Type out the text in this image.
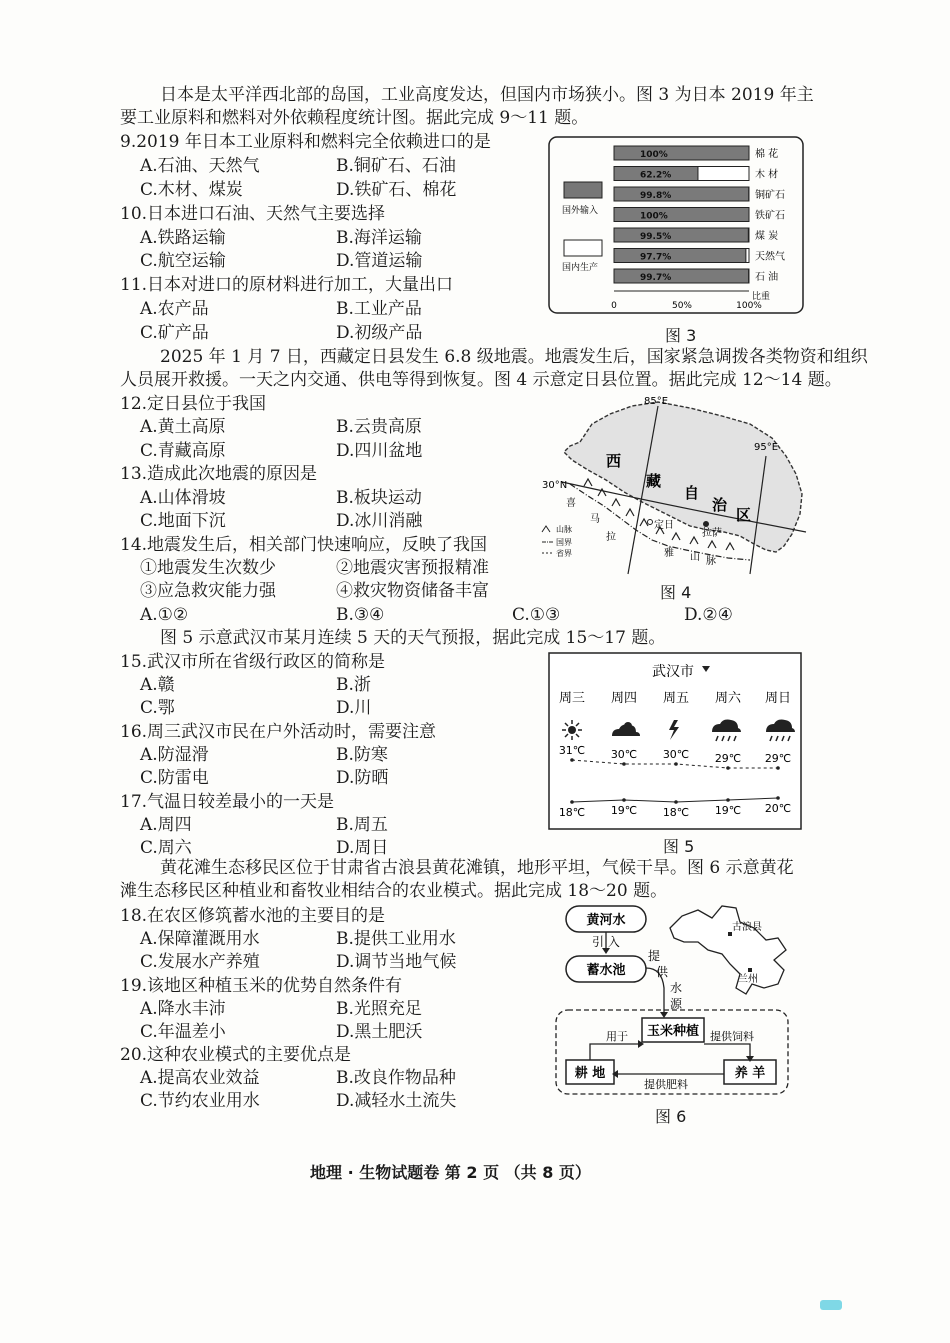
日本是太平洋西北部的岛国，工业高度发达，但国内市场狭小。图 3 为日本 2019 年主
要工业原料和燃料对外依赖程度统计图。据此完成 9～11 题。
9.2019 年日本工业原料和燃料完全依赖进口的是
A.石油、天然气	B.铜矿石、石油
C.木材、煤炭	D.铁矿石、棉花
10.日本进口石油、天然气主要选择
A.铁路运输	B.海洋运输
C.航空运输	D.管道运输
11.日本对进口的原材料进行加工，大量出口
A.农产品	B.工业产品
C.矿产品	D.初级产品
国外输入
国内生产
100%	棉 花
62.2%	木 材
99.8%	铜矿石
100%	铁矿石
99.5%	煤 炭
97.7%	天然气
99.7%	石 油
0	50%	100%
比重
图 3
2025 年 1 月 7 日，西藏定日县发生 6.8 级地震。地震发生后，国家紧急调拨各类物资和组织
人员展开救援。一天之内交通、供电等得到恢复。图 4 示意定日县位置。据此完成 12～14 题。
12.定日县位于我国
A.黄土高原	B.云贵高原
C.青藏高原	D.四川盆地
13.造成此次地震的原因是
A.山体滑坡	B.板块运动
C.地面下沉	D.冰川消融
14.地震发生后，相关部门快速响应，反映了我国
①地震发生次数少	②地震灾害预报精准
③应急救灾能力强	④救灾物资储备丰富
A.①②	B.③④	C.①③	D.②④
85°E
95°E
30°N
西
藏
自
治
区
喜
马
拉
雅 山 脉
定日
拉萨
山脉
国界
省界
图 4
图 5 示意武汉市某月连续 5 天的天气预报，据此完成 15～17 题。
15.武汉市所在省级行政区的简称是
A.赣	B.浙
C.鄂	D.川
16.周三武汉市民在户外活动时，需要注意
A.防湿滑	B.防寒
C.防雷电	D.防晒
17.气温日较差最小的一天是
A.周四	B.周五
C.周六	D.周日
武汉市
周三 周四 周五 周六 周日
31℃ 30℃ 30℃ 29℃ 29℃
18℃ 19℃ 18℃ 19℃ 20℃
图 5
黄花滩生态移民区位于甘肃省古浪县黄花滩镇，地形平坦，气候干旱。图 6 示意黄花
滩生态移民区种植业和畜牧业相结合的农业模式。据此完成 18～20 题。
18.在农区修筑蓄水池的主要目的是
A.保障灌溉用水	B.提供工业用水
C.发展水产养殖	D.调节当地气候
19.该地区种植玉米的优势自然条件有
A.降水丰沛	B.光照充足
C.年温差小	D.黑土肥沃
20.这种农业模式的主要优点是
A.提高农业效益	B.改良作物品种
C.节约农业用水	D.减轻水土流失
黄河水
引 入
蓄水池
提
供
水
源
古浪县
兰州
玉米种植
耕 地	养 羊
用于	提供饲料
提供肥料
图 6
地理 · 生物试题卷 第 2 页 （共 8 页）
